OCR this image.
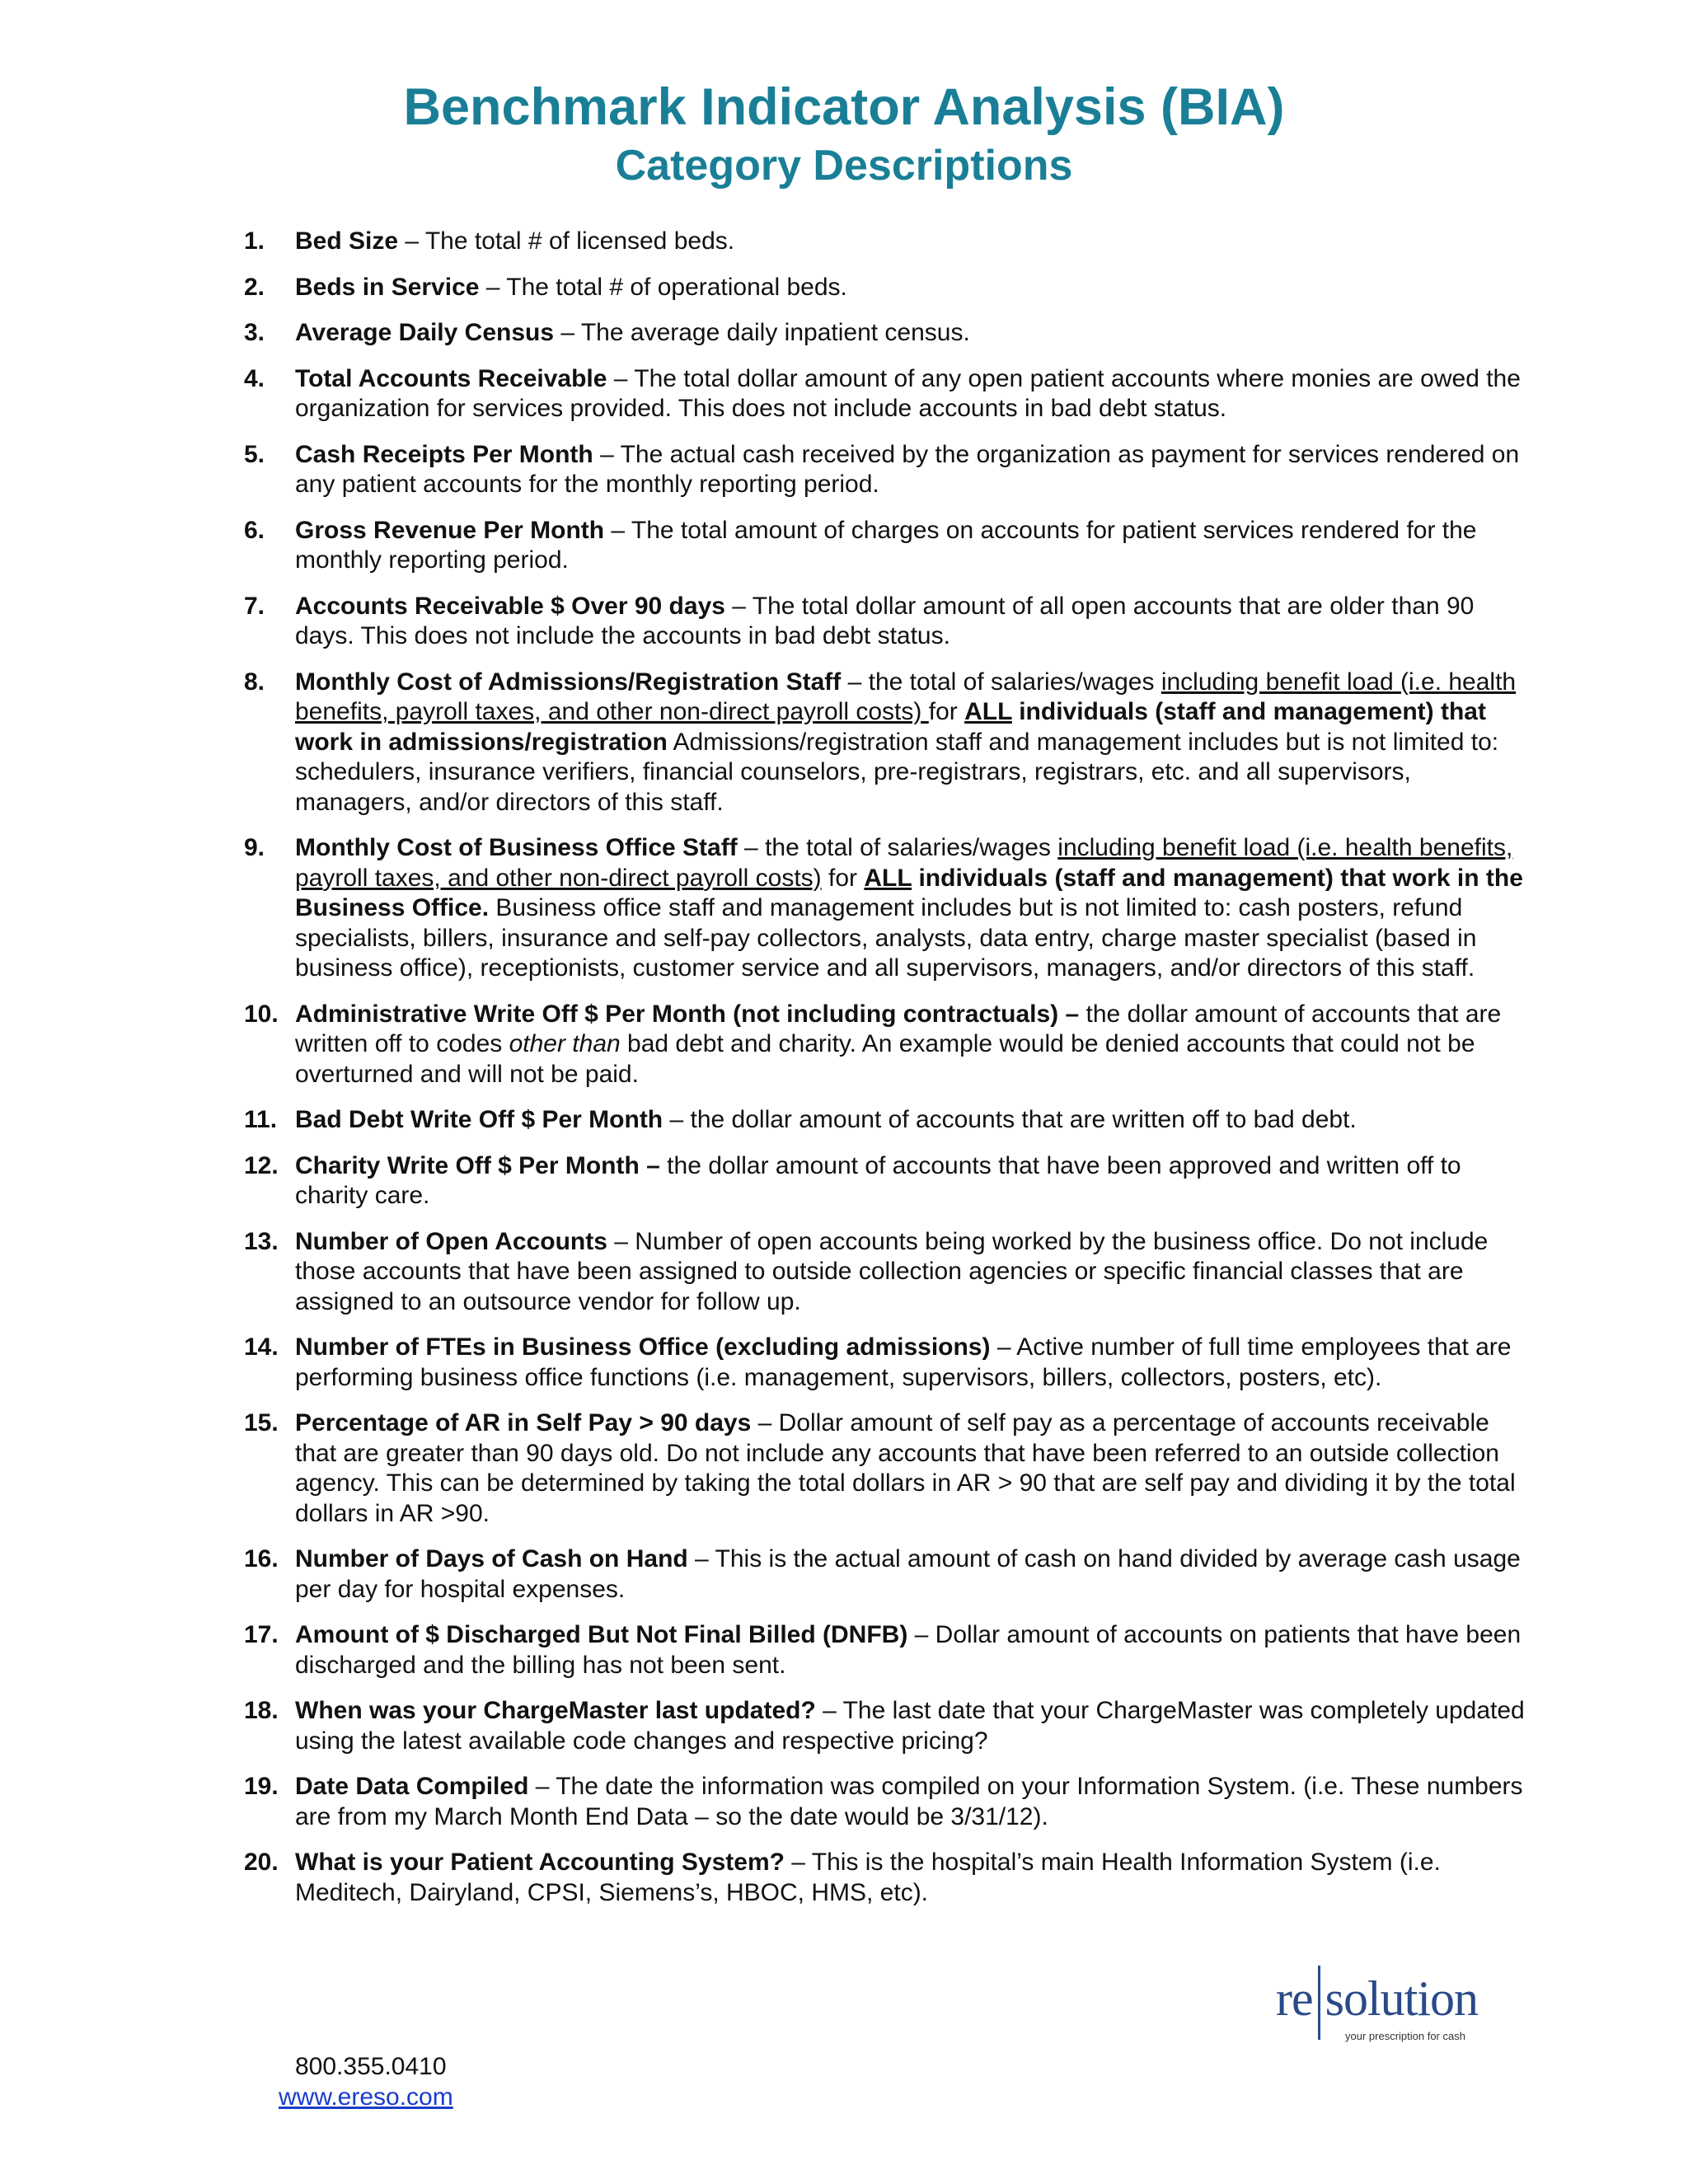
Benchmark Indicator Analysis (BIA)
Category Descriptions
1. Bed Size – The total # of licensed beds.
2. Beds in Service – The total # of operational beds.
3. Average Daily Census – The average daily inpatient census.
4. Total Accounts Receivable – The total dollar amount of any open patient accounts where monies are owed the organization for services provided. This does not include accounts in bad debt status.
5. Cash Receipts Per Month – The actual cash received by the organization as payment for services rendered on any patient accounts for the monthly reporting period.
6. Gross Revenue Per Month – The total amount of charges on accounts for patient services rendered for the monthly reporting period.
7. Accounts Receivable $ Over 90 days – The total dollar amount of all open accounts that are older than 90 days. This does not include the accounts in bad debt status.
8. Monthly Cost of Admissions/Registration Staff – the total of salaries/wages including benefit load (i.e. health benefits, payroll taxes, and other non-direct payroll costs) for ALL individuals (staff and management) that work in admissions/registration Admissions/registration staff and management includes but is not limited to: schedulers, insurance verifiers, financial counselors, pre-registrars, registrars, etc. and all supervisors, managers, and/or directors of this staff.
9. Monthly Cost of Business Office Staff – the total of salaries/wages including benefit load (i.e. health benefits, payroll taxes, and other non-direct payroll costs) for ALL individuals (staff and management) that work in the Business Office. Business office staff and management includes but is not limited to: cash posters, refund specialists, billers, insurance and self-pay collectors, analysts, data entry, charge master specialist (based in business office), receptionists, customer service and all supervisors, managers, and/or directors of this staff.
10. Administrative Write Off $ Per Month (not including contractuals) – the dollar amount of accounts that are written off to codes other than bad debt and charity. An example would be denied accounts that could not be overturned and will not be paid.
11. Bad Debt Write Off $ Per Month – the dollar amount of accounts that are written off to bad debt.
12. Charity Write Off $ Per Month – the dollar amount of accounts that have been approved and written off to charity care.
13. Number of Open Accounts – Number of open accounts being worked by the business office. Do not include those accounts that have been assigned to outside collection agencies or specific financial classes that are assigned to an outsource vendor for follow up.
14. Number of FTEs in Business Office (excluding admissions) – Active number of full time employees that are performing business office functions (i.e. management, supervisors, billers, collectors, posters, etc).
15. Percentage of AR in Self Pay > 90 days – Dollar amount of self pay as a percentage of accounts receivable that are greater than 90 days old. Do not include any accounts that have been referred to an outside collection agency. This can be determined by taking the total dollars in AR > 90 that are self pay and dividing it by the total dollars in AR >90.
16. Number of Days of Cash on Hand – This is the actual amount of cash on hand divided by average cash usage per day for hospital expenses.
17. Amount of $ Discharged But Not Final Billed (DNFB) – Dollar amount of accounts on patients that have been discharged and the billing has not been sent.
18. When was your ChargeMaster last updated? – The last date that your ChargeMaster was completely updated using the latest available code changes and respective pricing?
19. Date Data Compiled – The date the information was compiled on your Information System. (i.e. These numbers are from my March Month End Data – so the date would be 3/31/12).
20. What is your Patient Accounting System? – This is the hospital’s main Health Information System (i.e. Meditech, Dairyland, CPSI, Siemens’s, HBOC, HMS, etc).
re solution
your prescription for cash
800.355.0410
www.ereso.com
